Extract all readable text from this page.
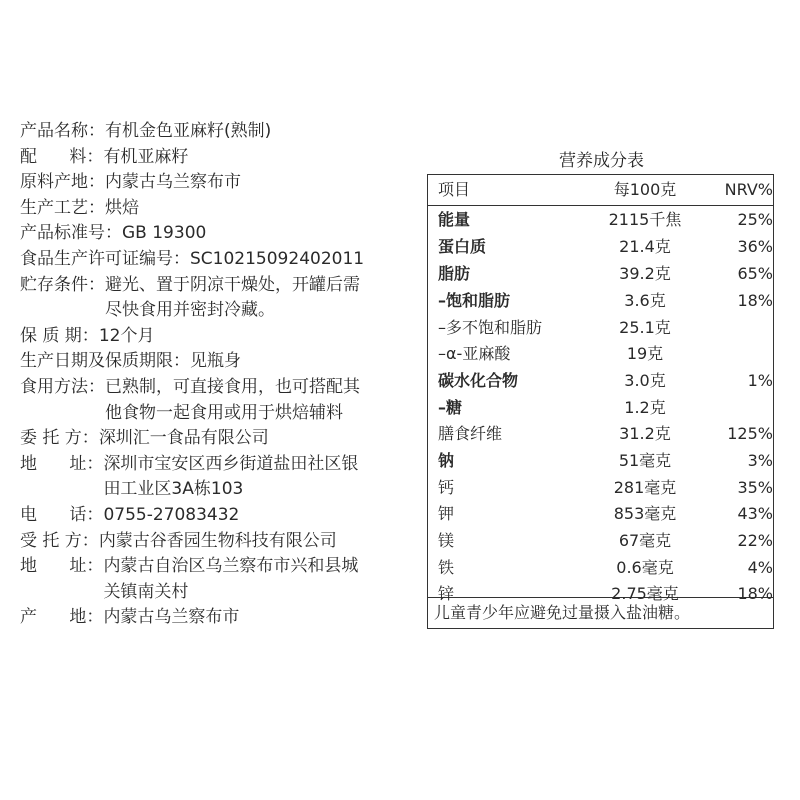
产品名称： 有机金色亚麻籽(熟制)
配      料： 有机亚麻籽
原料产地： 内蒙古乌兰察布市
生产工艺： 烘焙
产品标准号： GB 19300
食品生产许可证编号： SC10215092402011
贮存条件： 避光、置于阴凉干燥处，开罐后需
尽快食用并密封冷藏。
保 质 期： 12个月
生产日期及保质期限： 见瓶身
食用方法： 已熟制，可直接食用，也可搭配其
他食物一起食用或用于烘焙辅料
委 托 方： 深圳汇一食品有限公司
地      址： 深圳市宝安区西乡街道盐田社区银
田工业区3A栋103
电      话： 0755-27083432
受 托 方： 内蒙古谷香园生物科技有限公司
地      址： 内蒙古自治区乌兰察布市兴和县城
关镇南关村
产      地： 内蒙古乌兰察布市
营养成分表
项目	每100克	NRV%
儿童青少年应避免过量摄入盐油糖。
能量	2115千焦	25%
蛋白质	21.4克	36%
脂肪	39.2克	65%
–饱和脂肪	3.6克	18%
–多不饱和脂肪	25.1克
–α-亚麻酸	19克
碳水化合物	3.0克	1%
–糖	1.2克
膳食纤维	31.2克	125%
钠	51毫克	3%
钙	281毫克	35%
钾	853毫克	43%
镁	67毫克	22%
铁	0.6毫克	4%
锌	2.75毫克	18%
